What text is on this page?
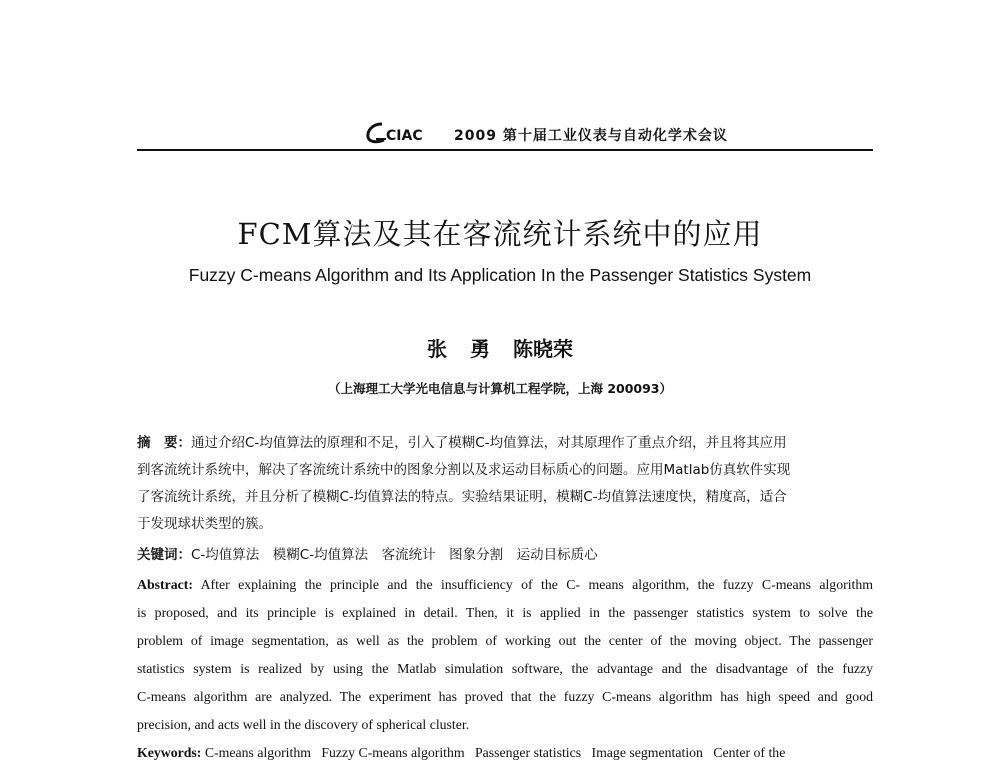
CIAC 2009 第十届工业仪表与自动化学术会议
FCM算法及其在客流统计系统中的应用
Fuzzy C-means Algorithm and Its Application In the Passenger Statistics System
张 勇 陈晓荣
（上海理工大学光电信息与计算机工程学院，上海 200093）
摘　要：通过介绍C-均值算法的原理和不足，引入了模糊C-均值算法，对其原理作了重点介绍，并且将其应用
到客流统计系统中，解决了客流统计系统中的图象分割以及求运动目标质心的问题。应用Matlab仿真软件实现
了客流统计系统，并且分析了模糊C-均值算法的特点。实验结果证明，模糊C-均值算法速度快，精度高，适合
于发现球状类型的簇。
关键词：C-均值算法　模糊C-均值算法　客流统计　图象分割　运动目标质心
Abstract: After explaining the principle and the insufficiency of the C- means algorithm, the fuzzy C-means algorithm
is proposed, and its principle is explained in detail. Then, it is applied in the passenger statistics system to solve the
problem of image segmentation, as well as the problem of working out the center of the moving object. The passenger
statistics system is realized by using the Matlab simulation software, the advantage and the disadvantage of the fuzzy
C-means algorithm are analyzed. The experiment has proved that the fuzzy C-means algorithm has high speed and good
precision, and acts well in the discovery of spherical cluster.
Keywords: C-means algorithm   Fuzzy C-means algorithm   Passenger statistics   Image segmentation   Center of the
